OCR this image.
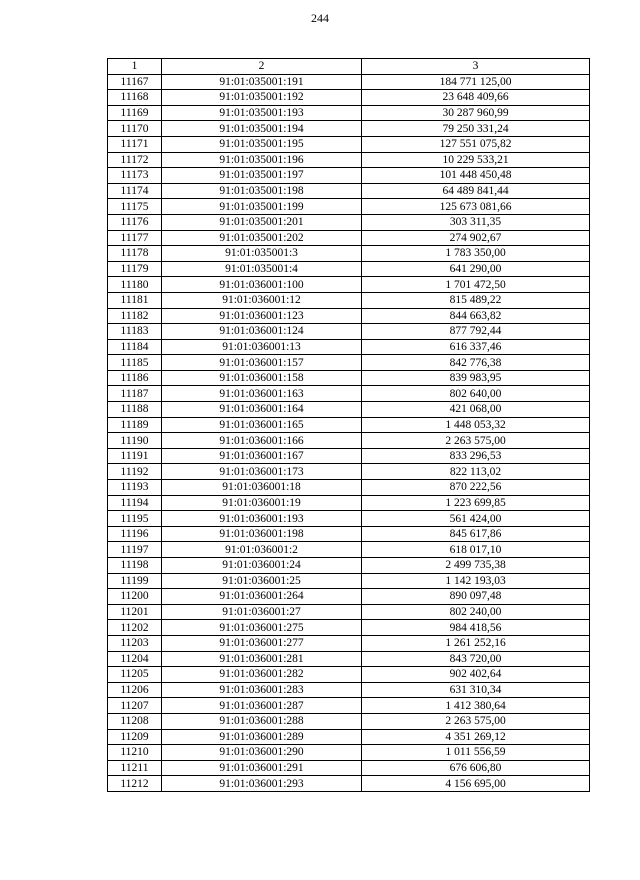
244
1	2	3
11167	91:01:035001:191	184 771 125,00
11168	91:01:035001:192	23 648 409,66
11169	91:01:035001:193	30 287 960,99
11170	91:01:035001:194	79 250 331,24
11171	91:01:035001:195	127 551 075,82
11172	91:01:035001:196	10 229 533,21
11173	91:01:035001:197	101 448 450,48
11174	91:01:035001:198	64 489 841,44
11175	91:01:035001:199	125 673 081,66
11176	91:01:035001:201	303 311,35
11177	91:01:035001:202	274 902,67
11178	91:01:035001:3	1 783 350,00
11179	91:01:035001:4	641 290,00
11180	91:01:036001:100	1 701 472,50
11181	91:01:036001:12	815 489,22
11182	91:01:036001:123	844 663,82
11183	91:01:036001:124	877 792,44
11184	91:01:036001:13	616 337,46
11185	91:01:036001:157	842 776,38
11186	91:01:036001:158	839 983,95
11187	91:01:036001:163	802 640,00
11188	91:01:036001:164	421 068,00
11189	91:01:036001:165	1 448 053,32
11190	91:01:036001:166	2 263 575,00
11191	91:01:036001:167	833 296,53
11192	91:01:036001:173	822 113,02
11193	91:01:036001:18	870 222,56
11194	91:01:036001:19	1 223 699,85
11195	91:01:036001:193	561 424,00
11196	91:01:036001:198	845 617,86
11197	91:01:036001:2	618 017,10
11198	91:01:036001:24	2 499 735,38
11199	91:01:036001:25	1 142 193,03
11200	91:01:036001:264	890 097,48
11201	91:01:036001:27	802 240,00
11202	91:01:036001:275	984 418,56
11203	91:01:036001:277	1 261 252,16
11204	91:01:036001:281	843 720,00
11205	91:01:036001:282	902 402,64
11206	91:01:036001:283	631 310,34
11207	91:01:036001:287	1 412 380,64
11208	91:01:036001:288	2 263 575,00
11209	91:01:036001:289	4 351 269,12
11210	91:01:036001:290	1 011 556,59
11211	91:01:036001:291	676 606,80
11212	91:01:036001:293	4 156 695,00
